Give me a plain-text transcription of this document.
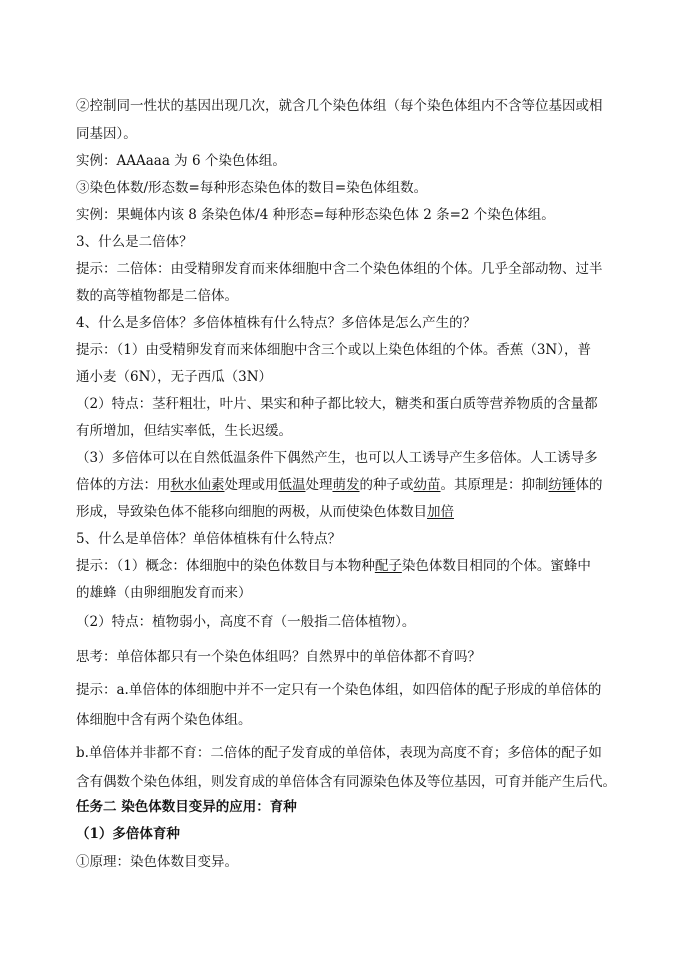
②控制同一性状的基因出现几次，就含几个染色体组（每个染色体组内不含等位基因或相
同基因）。
实例：AAAaaa 为 6 个染色体组。
③染色体数/形态数=每种形态染色体的数目=染色体组数。
实例：果蝇体内该 8 条染色体/4 种形态=每种形态染色体 2 条=2 个染色体组。
3、什么是二倍体？
提示：二倍体：由受精卵发育而来体细胞中含二个染色体组的个体。几乎全部动物、过半
数的高等植物都是二倍体。
4、什么是多倍体？多倍体植株有什么特点？多倍体是怎么产生的？
提示：（1）由受精卵发育而来体细胞中含三个或以上染色体组的个体。香蕉（3N），普
通小麦（6N），无子西瓜（3N）
（2）特点：茎秆粗壮，叶片、果实和种子都比较大，糖类和蛋白质等营养物质的含量都
有所增加，但结实率低，生长迟缓。
（3）多倍体可以在自然低温条件下偶然产生，也可以人工诱导产生多倍体。人工诱导多
倍体的方法：用秋水仙素处理或用低温处理萌发的种子或幼苗。其原理是：抑制纺锤体的
形成，导致染色体不能移向细胞的两极，从而使染色体数目加倍
5、什么是单倍体？单倍体植株有什么特点？
提示：（1）概念：体细胞中的染色体数目与本物种配子染色体数目相同的个体。蜜蜂中
的雄蜂（由卵细胞发育而来）
（2）特点：植物弱小，高度不育（一般指二倍体植物）。
思考：单倍体都只有一个染色体组吗？自然界中的单倍体都不育吗？
提示：a.单倍体的体细胞中并不一定只有一个染色体组，如四倍体的配子形成的单倍体的
体细胞中含有两个染色体组。
b.单倍体并非都不育：二倍体的配子发育成的单倍体，表现为高度不育；多倍体的配子如
含有偶数个染色体组，则发育成的单倍体含有同源染色体及等位基因，可育并能产生后代。
任务二 染色体数目变异的应用：育种
（1）多倍体育种
①原理：染色体数目变异。
